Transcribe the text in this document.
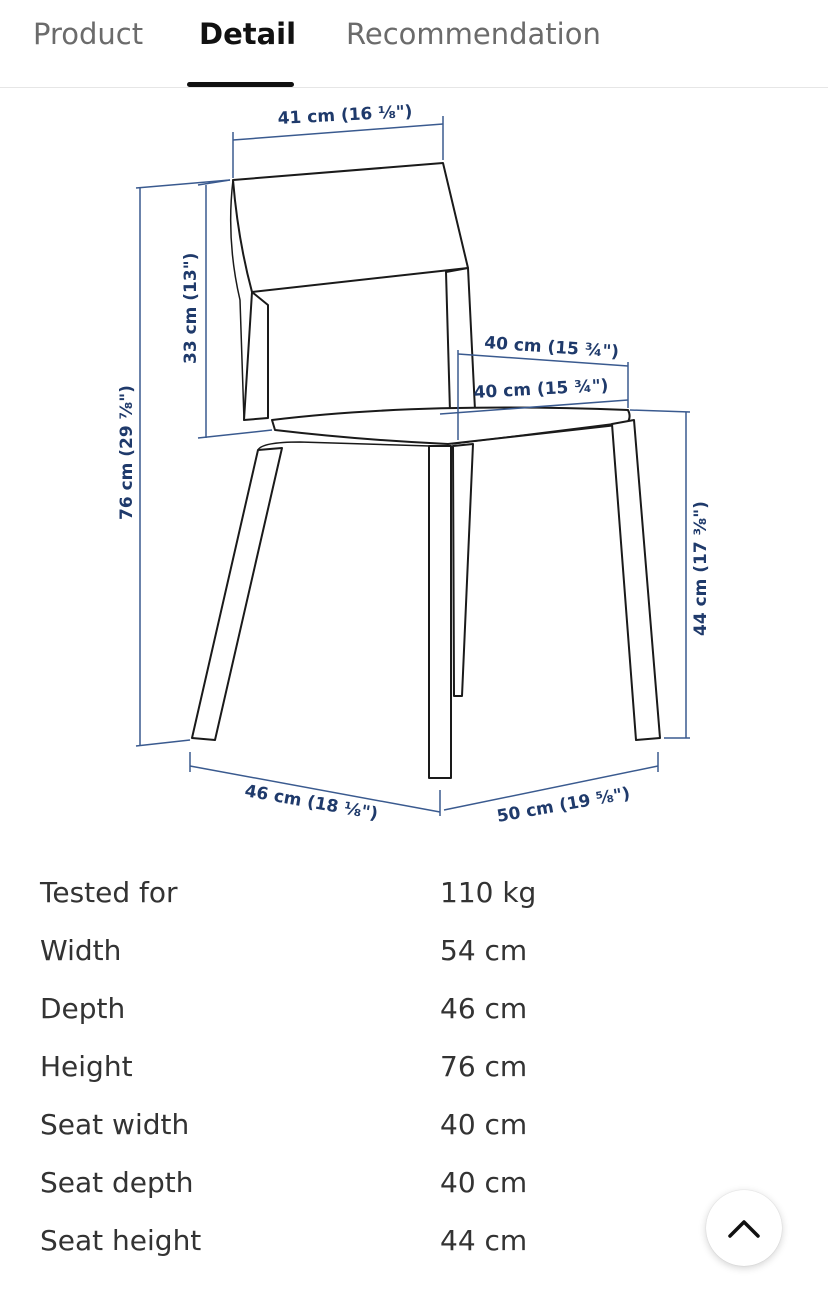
Product Detail Recommendation
41 cm (16 ⅛")
33 cm (13")
76 cm (29 ⅞")
40 cm (15 ¾")
40 cm (15 ¾")
44 cm (17 ⅜")
46 cm (18 ⅛")	50 cm (19 ⅝")
Tested for	110 kg
Width	54 cm
Depth	46 cm
Height	76 cm
Seat width	40 cm
Seat depth	40 cm
Seat height	44 cm
